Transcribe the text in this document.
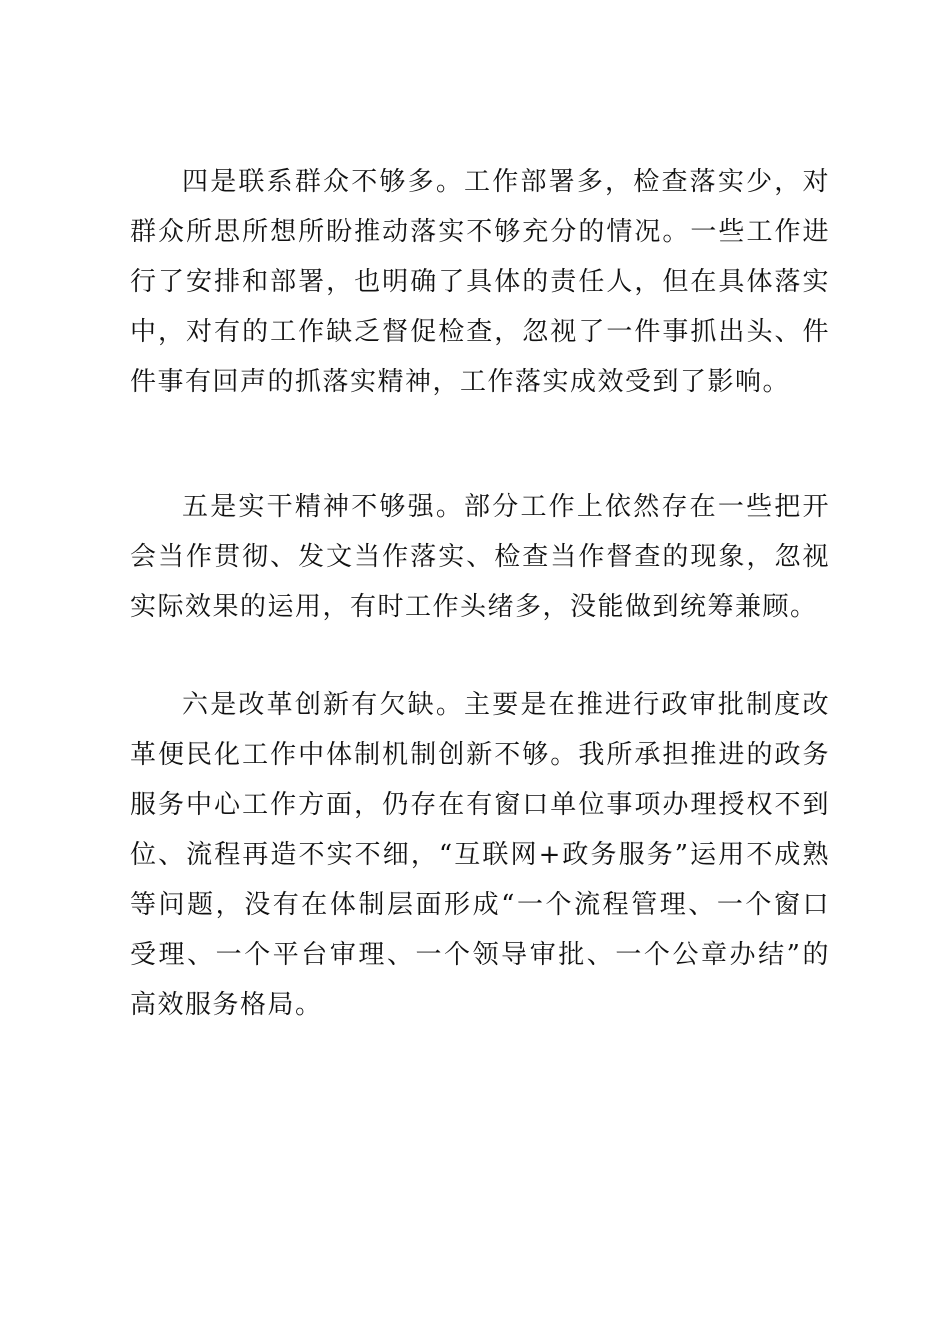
四是联系群众不够多。工作部署多，检查落实少，对群众所思所想所盼推动落实不够充分的情况。一些工作进行了安排和部署，也明确了具体的责任人，但在具体落实中，对有的工作缺乏督促检查，忽视了一件事抓出头、件件事有回声的抓落实精神，工作落实成效受到了影响。

五是实干精神不够强。部分工作上依然存在一些把开会当作贯彻、发文当作落实、检查当作督查的现象，忽视实际效果的运用，有时工作头绪多，没能做到统筹兼顾。

六是改革创新有欠缺。主要是在推进行政审批制度改革便民化工作中体制机制创新不够。我所承担推进的政务服务中心工作方面，仍存在有窗口单位事项办理授权不到位、流程再造不实不细，“互联网+政务服务”运用不成熟等问题，没有在体制层面形成“一个流程管理、一个窗口受理、一个平台审理、一个领导审批、一个公章办结”的高效服务格局。
